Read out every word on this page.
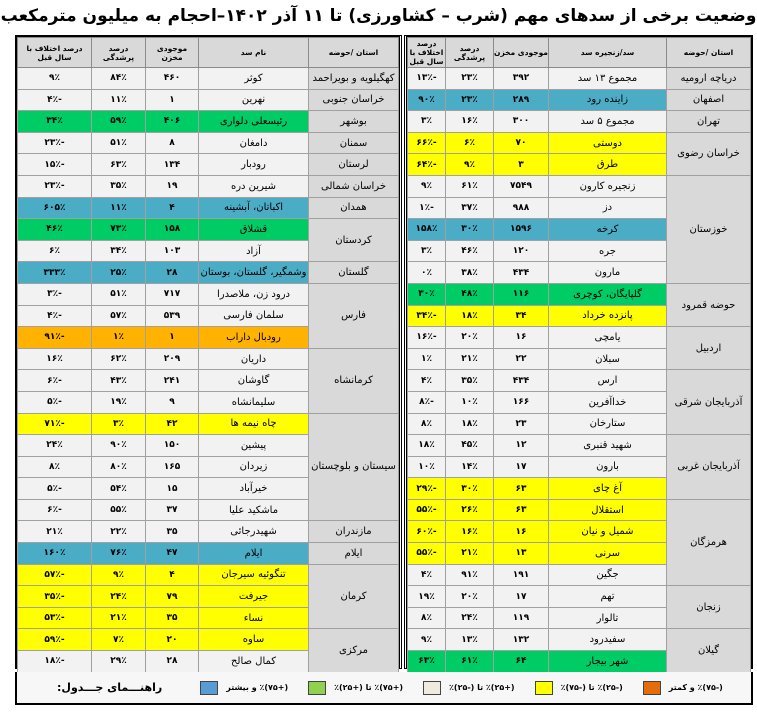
وضعیت برخی از سدهای مهم (شرب – کشاورزی) تا ۱۱ آذر ۱۴۰۲–احجام به میلیون مترمکعب
استان /حوضه	سد/زنجیره سد	موجودی مخزن	درصد پرشدگی	درصد اختلاف با سال قبل
دریاچه ارومیه	مجموع ۱۳ سد	۳۹۲	۲۳٪	-۱۳٪
اصفهان	زاینده رود	۲۸۹	۲۳٪	۹۰٪
تهران	مجموع ۵ سد	۳۰۰	۱۶٪	۳٪
خراسان رضوی	دوستی	۷۰	۶٪	-۶۶٪
	طرق	۳	۹٪	-۶۴٪
خوزستان	زنجیره کارون	۷۵۴۹	۶۱٪	۹٪
	دز	۹۸۸	۳۷٪	-۱٪
	کرخه	۱۵۹۶	۳۰٪	۱۵۸٪
	جره	۱۲۰	۴۶٪	۳٪
	مارون	۴۳۴	۳۸٪	۰٪
حوضه قمرود	گلپایگان، کوچری	۱۱۶	۴۸٪	۳۰٪
	پانزده خرداد	۳۴	۱۸٪	-۳۴٪
اردبیل	یامچی	۱۶	۲۰٪	-۱۶٪
	سبلان	۲۲	۲۱٪	۱٪
آذربایجان شرقی	ارس	۴۳۴	۳۵٪	۴٪
	خداآفرین	۱۶۶	۱۰٪	-۸٪
	ستارخان	۲۳	۱۸٪	۸٪
آذربایجان غربی	شهید قنبری	۱۲	۴۵٪	۱۸٪
	بارون	۱۷	۱۴٪	۱۰٪
	آغ چای	۶۳	۳۰٪	-۲۹٪
هرمزگان	استقلال	۶۳	۲۶٪	-۵۵٪
	شمیل و نیان	۱۶	۱۶٪	-۶۰٪
	سرنی	۱۳	۲۱٪	-۵۵٪
	جگین	۱۹۱	۹۱٪	۴٪
زنجان	تهم	۱۷	۲۰٪	۱۹٪
	تالوار	۱۱۹	۲۴٪	۸٪
گیلان	سفیدرود	۱۳۲	۱۳٪	۹٪
	شهر بیجار	۶۴	۶۱٪	۶۳٪
استان /حوضه	نام سد	موجودی مخزن	درصد پرشدگی	درصد اختلاف با سال قبل
کهگیلویه و بویراحمد	کوثر	۴۶۰	۸۴٪	۹٪
خراسان جنوبی	نهرین	۱	۱۱٪	-۴٪
بوشهر	رئیسعلی دلواری	۴۰۶	۵۹٪	۳۴٪
سمنان	دامغان	۸	۵۱٪	-۲۳٪
لرستان	رودبار	۱۳۴	۶۳٪	-۱۵٪
خراسان شمالی	شیرین دره	۱۹	۳۵٪	-۲۳٪
همدان	اکباتان، آبشینه	۴	۱۱٪	۶۰۵٪
کردستان	قشلاق	۱۵۸	۷۳٪	۴۶٪
	آزاد	۱۰۳	۳۴٪	۶٪
گلستان	وشمگیر، گلستان، بوستان	۲۸	۲۵٪	۳۳۳٪
فارس	درود زن، ملاصدرا	۷۱۷	۵۱٪	-۳٪
	سلمان فارسی	۵۳۹	۵۷٪	-۴٪
	رودبال داراب	۱	۱٪	-۹۱٪
کرمانشاه	داریان	۲۰۹	۶۲٪	۱۶٪
	گاوشان	۲۴۱	۴۳٪	-۶٪
	سلیمانشاه	۹	۱۹٪	-۵٪
سیستان و بلوچستان	چاه نیمه ها	۴۲	۳٪	-۷۱٪
	پیشین	۱۵۰	۹۰٪	۲۴٪
	زیردان	۱۶۵	۸۰٪	۸٪
	خیرآباد	۱۵	۵۴٪	-۵٪
	ماشکید علیا	۳۷	۵۵٪	-۶٪
مازندران	شهیدرجائی	۳۵	۲۲٪	۲۱٪
ایلام	ایلام	۴۷	۷۶٪	۱۶۰٪
کرمان	تنگوئیه سیرجان	۴	۹٪	-۵۷٪
	جیرفت	۷۹	۲۴٪	-۳۵٪
	نساء	۳۵	۲۱٪	-۵۳٪
مرکزی	ساوه	۲۰	۷٪	-۵۹٪
	کمال صالح	۲۸	۲۹٪	-۱۸٪
راهنـــمای جـــدول:	(+۷۵)٪ و بیشتر	(+۷۵)٪ تا (+۲۵)٪	(+۲۵)٪ تا (-۲۵)٪	(-۲۵)٪ تا (-۷۵)٪	(-۷۵)٪ و کمتر
